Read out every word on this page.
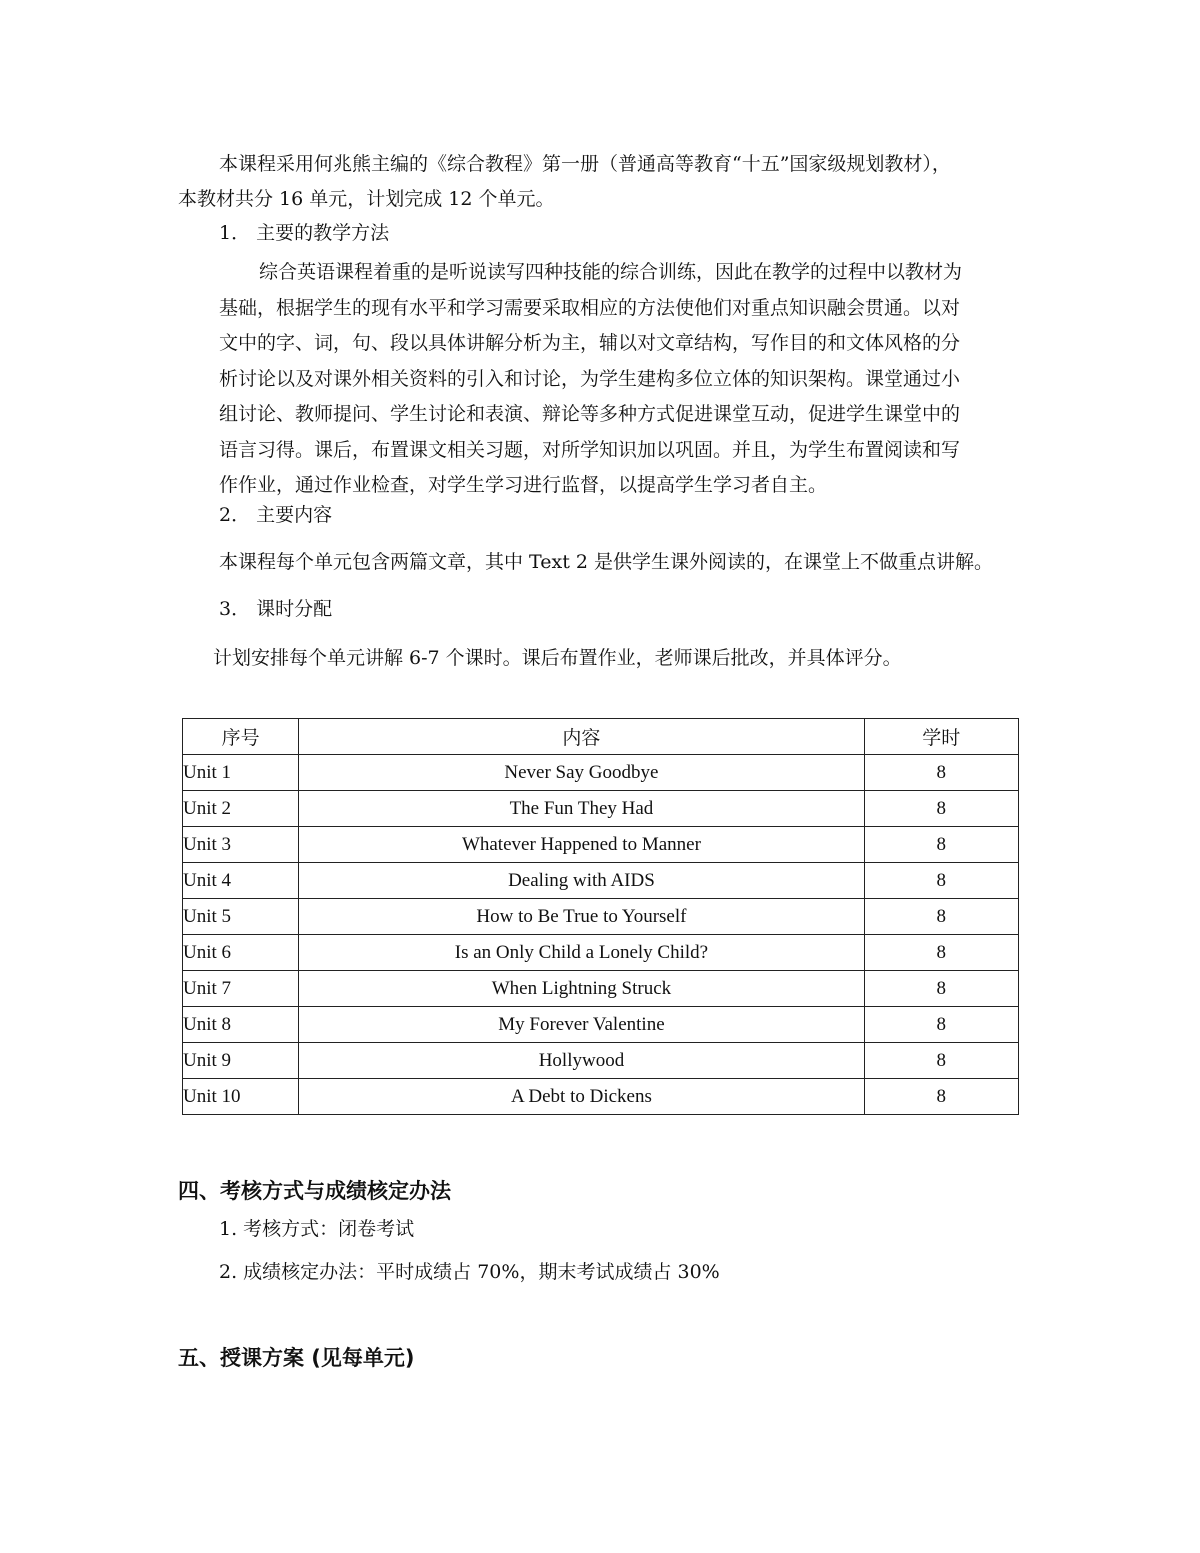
本课程采用何兆熊主编的《综合教程》第一册（普通高等教育“十五”国家级规划教材），
本教材共分 16 单元，计划完成 12 个单元。
1． 主要的教学方法
综合英语课程着重的是听说读写四种技能的综合训练，因此在教学的过程中以教材为
基础，根据学生的现有水平和学习需要采取相应的方法使他们对重点知识融会贯通。以对
文中的字、词，句、段以具体讲解分析为主，辅以对文章结构，写作目的和文体风格的分
析讨论以及对课外相关资料的引入和讨论，为学生建构多位立体的知识架构。课堂通过小
组讨论、教师提问、学生讨论和表演、辩论等多种方式促进课堂互动，促进学生课堂中的
语言习得。课后，布置课文相关习题，对所学知识加以巩固。并且，为学生布置阅读和写
作作业，通过作业检查，对学生学习进行监督，以提高学生学习者自主。
2． 主要内容
本课程每个单元包含两篇文章，其中 Text 2 是供学生课外阅读的，在课堂上不做重点讲解。
3． 课时分配
计划安排每个单元讲解 6-7 个课时。课后布置作业，老师课后批改，并具体评分。
序号	内容	学时
Unit 1	Never Say Goodbye	8
Unit 2	The Fun They Had	8
Unit 3	Whatever Happened to Manner	8
Unit 4	Dealing with AIDS	8
Unit 5	How to Be True to Yourself	8
Unit 6	Is an Only Child a Lonely Child?	8
Unit 7	When Lightning Struck	8
Unit 8	My Forever Valentine	8
Unit 9	Hollywood	8
Unit 10	A Debt to Dickens	8
四、考核方式与成绩核定办法
1. 考核方式：闭卷考试
2. 成绩核定办法：平时成绩占 70%，期末考试成绩占 30%
五、授课方案 (见每单元)
